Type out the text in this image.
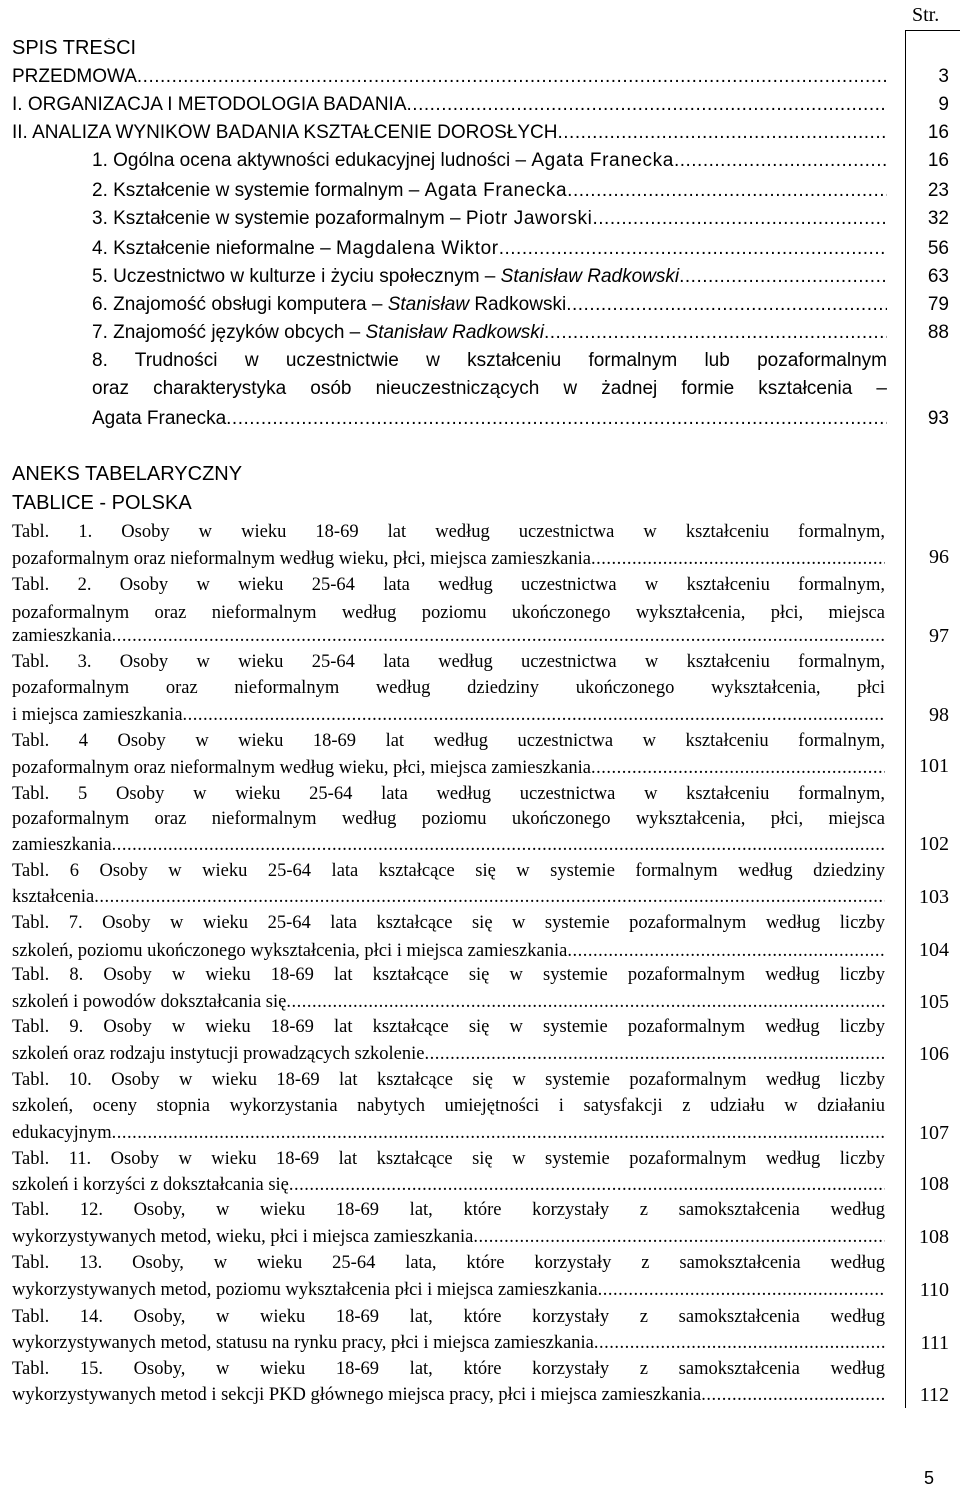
Str.
SPIS TREŚCI
PRZEDMOWA .....	3
I. ORGANIZACJA I METODOLOGIA BADANIA .....	9
II. ANALIZA WYNIKÓW BADANIA KSZTAŁCENIE DOROSŁYCH .....	16
1. Ogólna ocena aktywności edukacyjnej ludności – Agata Franecka .....	16
2. Kształcenie w systemie formalnym – Agata Franecka .....	23
3. Kształcenie w systemie pozaformalnym – Piotr Jaworski .....	32
4. Kształcenie nieformalne – Magdalena Wiktor .....	56
5. Uczestnictwo w kulturze i życiu społecznym – Stanisław Radkowski .....	63
6. Znajomość obsługi komputera – Stanisław Radkowski .....	79
7. Znajomość języków obcych – Stanisław Radkowski .....	88
8. Trudności w uczestnictwie w kształceniu formalnym lub pozaformalnym
oraz charakterystyka osób nieuczestniczących w żadnej formie kształcenia –
Agata Franecka .....	93
ANEKS TABELARYCZNY
TABLICE - POLSKA
Tabl. 1. Osoby w wieku 18-69 lat według uczestnictwa w kształceniu formalnym,
pozaformalnym oraz nieformalnym według wieku, płci, miejsca zamieszkania .....	96
Tabl. 2. Osoby w wieku 25-64 lata według uczestnictwa w kształceniu formalnym,
pozaformalnym oraz nieformalnym według poziomu ukończonego wykształcenia, płci, miejsca
zamieszkania .....	97
Tabl. 3. Osoby w wieku 25-64 lata według uczestnictwa w kształceniu formalnym,
pozaformalnym oraz nieformalnym według dziedziny ukończonego wykształcenia, płci
i miejsca zamieszkania .....	98
Tabl. 4 Osoby w wieku 18-69 lat według uczestnictwa w kształceniu formalnym,
pozaformalnym oraz nieformalnym według wieku, płci, miejsca zamieszkania .....	101
Tabl. 5 Osoby w wieku 25-64 lata według uczestnictwa w kształceniu formalnym,
pozaformalnym oraz nieformalnym według poziomu ukończonego wykształcenia, płci, miejsca
zamieszkania .....	102
Tabl. 6 Osoby w wieku 25-64 lata kształcące się w systemie formalnym według dziedziny
kształcenia .....	103
Tabl. 7. Osoby w wieku 25-64 lata kształcące się w systemie pozaformalnym według liczby
szkoleń, poziomu ukończonego wykształcenia, płci i miejsca zamieszkania .....	104
Tabl. 8. Osoby w wieku 18-69 lat kształcące się w systemie pozaformalnym według liczby
szkoleń i powodów dokształcania się .....	105
Tabl. 9. Osoby w wieku 18-69 lat kształcące się w systemie pozaformalnym według liczby
szkoleń oraz rodzaju instytucji prowadzących szkolenie .....	106
Tabl. 10. Osoby w wieku 18-69 lat kształcące się w systemie pozaformalnym według liczby
szkoleń, oceny stopnia wykorzystania nabytych umiejętności i satysfakcji z udziału w działaniu
edukacyjnym .....	107
Tabl. 11. Osoby w wieku 18-69 lat kształcące się w systemie pozaformalnym według liczby
szkoleń i korzyści z dokształcania się .....	108
Tabl. 12. Osoby, w wieku 18-69 lat, które korzystały z samokształcenia według
wykorzystywanych metod, wieku, płci i miejsca zamieszkania .....	108
Tabl. 13. Osoby, w wieku 25-64 lata, które korzystały z samokształcenia według
wykorzystywanych metod, poziomu wykształcenia płci i miejsca zamieszkania .....	110
Tabl. 14. Osoby, w wieku 18-69 lat, które korzystały z samokształcenia według
wykorzystywanych metod, statusu na rynku pracy, płci i miejsca zamieszkania .....	111
Tabl. 15. Osoby, w wieku 18-69 lat, które korzystały z samokształcenia według
wykorzystywanych metod i sekcji PKD głównego miejsca pracy, płci i miejsca zamieszkania .....	112
5
